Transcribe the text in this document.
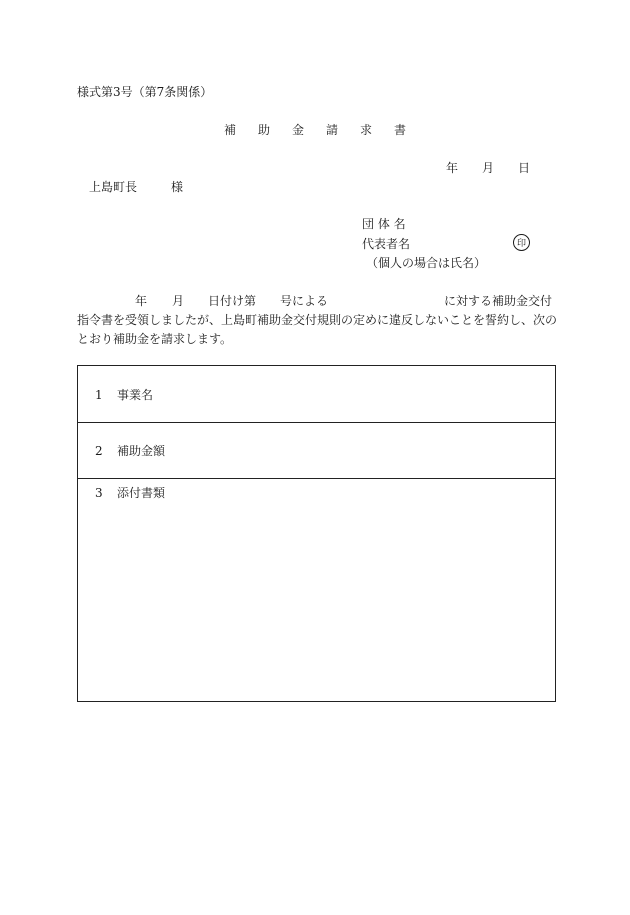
様式第3号（第7条関係）
補 助 金 請 求 書
年 月 日
上島町長	様
団 体 名
代表者名	印
（個人の場合は氏名）
年 月 日付け第 号による	に対する補助金交付
指令書を受領しましたが、上島町補助金交付規則の定めに違反しないことを誓約し、次の
とおり補助金を請求します。
1 事業名
2 補助金額
3 添付書類
